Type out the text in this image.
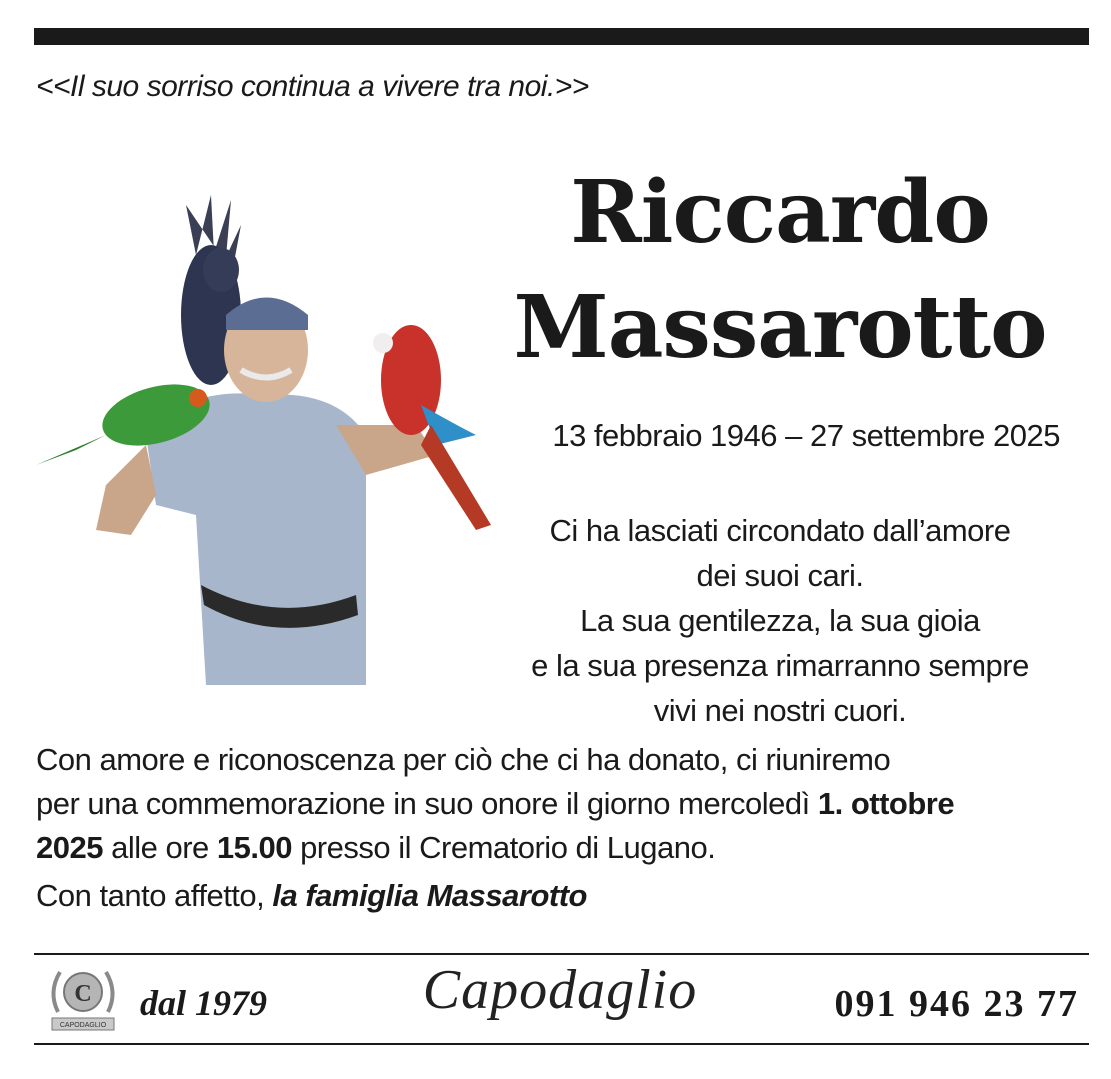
<<Il suo sorriso continua a vivere tra noi.>>
Riccardo
Massarotto
13 febbraio 1946 – 27 settembre 2025
Ci ha lasciati circondato dall’amore
dei suoi cari.
La sua gentilezza, la sua gioia
e la sua presenza rimarranno sempre
vivi nei nostri cuori.
Con amore e riconoscenza per ciò che ci ha donato, ci riuniremo
per una commemorazione in suo onore il giorno mercoledì 1. ottobre
2025 alle ore 15.00 presso il Crematorio di Lugano.
Con tanto affetto, la famiglia Massarotto
C
CAPODAGLIO
dal 1979	Capodaglio	091 946 23 77
